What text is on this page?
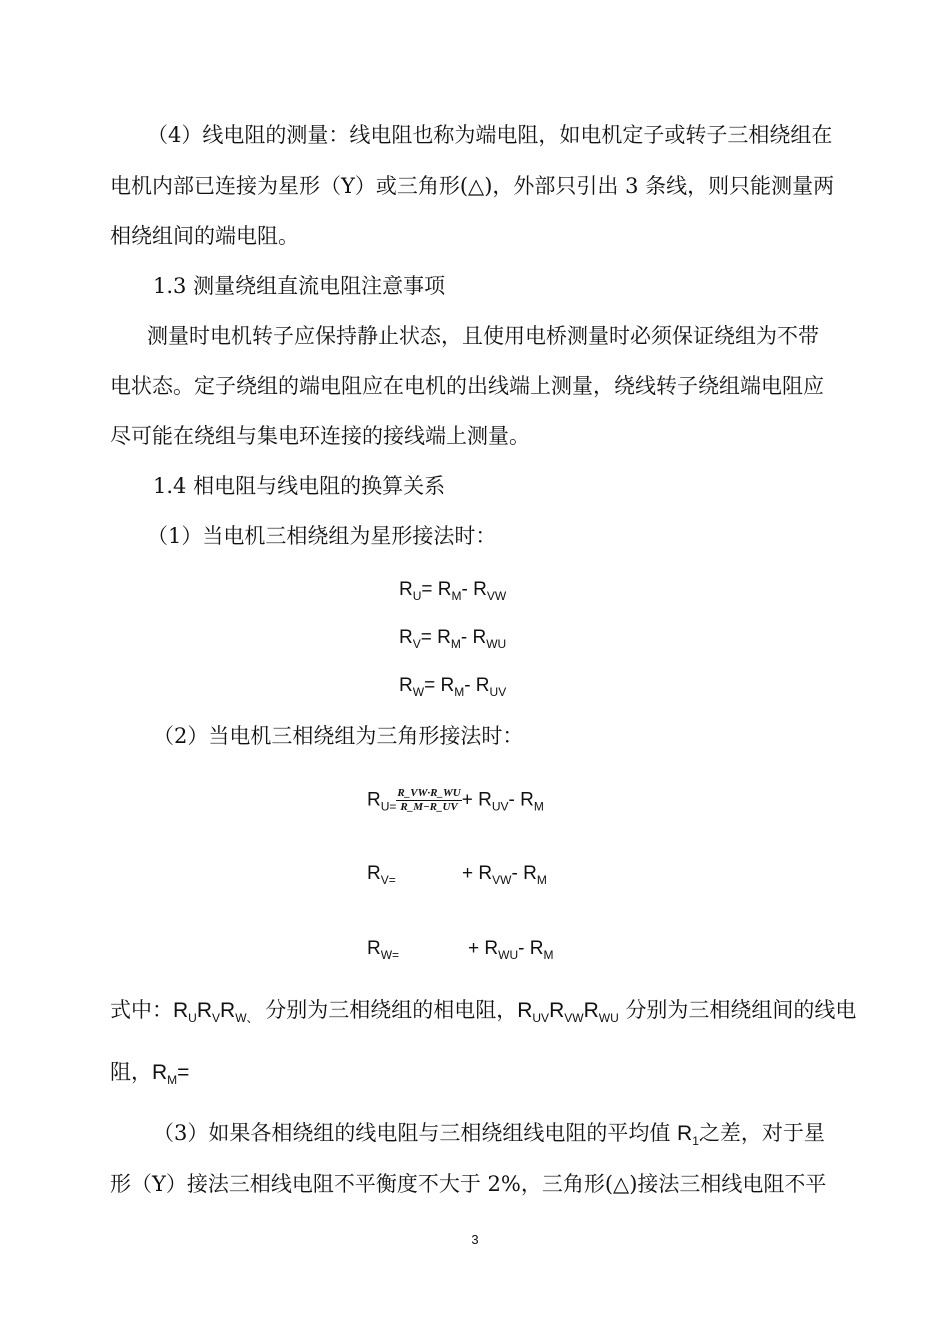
（4）线电阻的测量：线电阻也称为端电阻，如电机定子或转子三相绕组在
电机内部已连接为星形（Y）或三角形(△)，外部只引出 3 条线，则只能测量两
相绕组间的端电阻。
1.3 测量绕组直流电阻注意事项
测量时电机转子应保持静止状态，且使用电桥测量时必须保证绕组为不带
电状态。定子绕组的端电阻应在电机的出线端上测量，绕线转子绕组端电阻应
尽可能在绕组与集电环连接的接线端上测量。
1.4 相电阻与线电阻的换算关系
（1）当电机三相绕组为星形接法时：
$R_U= R_M-$ $R_{VW}$
$R_V= R_M-$ $R_{WU}$
$R_W= R_M-$ $R_{UV}$
（2）当电机三相绕组为三角形接法时：
$R_{U=} \frac{R\_VW\cdot R\_WU}{R\_M-R\_UV} + R_{UV}-$ $R_M$
$R_{V=}$	+ $R_{VW}-$ $R_M$
$R_{W=}$	+ $R_{WU}-$ $R_M$
式中：$R_UR_VR_{W、}$ 分别为三相绕组的相电阻，$R_{UV}R_{VW}R_{WU}$ 分别为三相绕组间的线电
阻，$R_M=$
（3）如果各相绕组的线电阻与三相绕组线电阻的平均值 $R_1$之差，对于星
形（Y）接法三相线电阻不平衡度不大于 2%，三角形(△)接法三相线电阻不平
3
